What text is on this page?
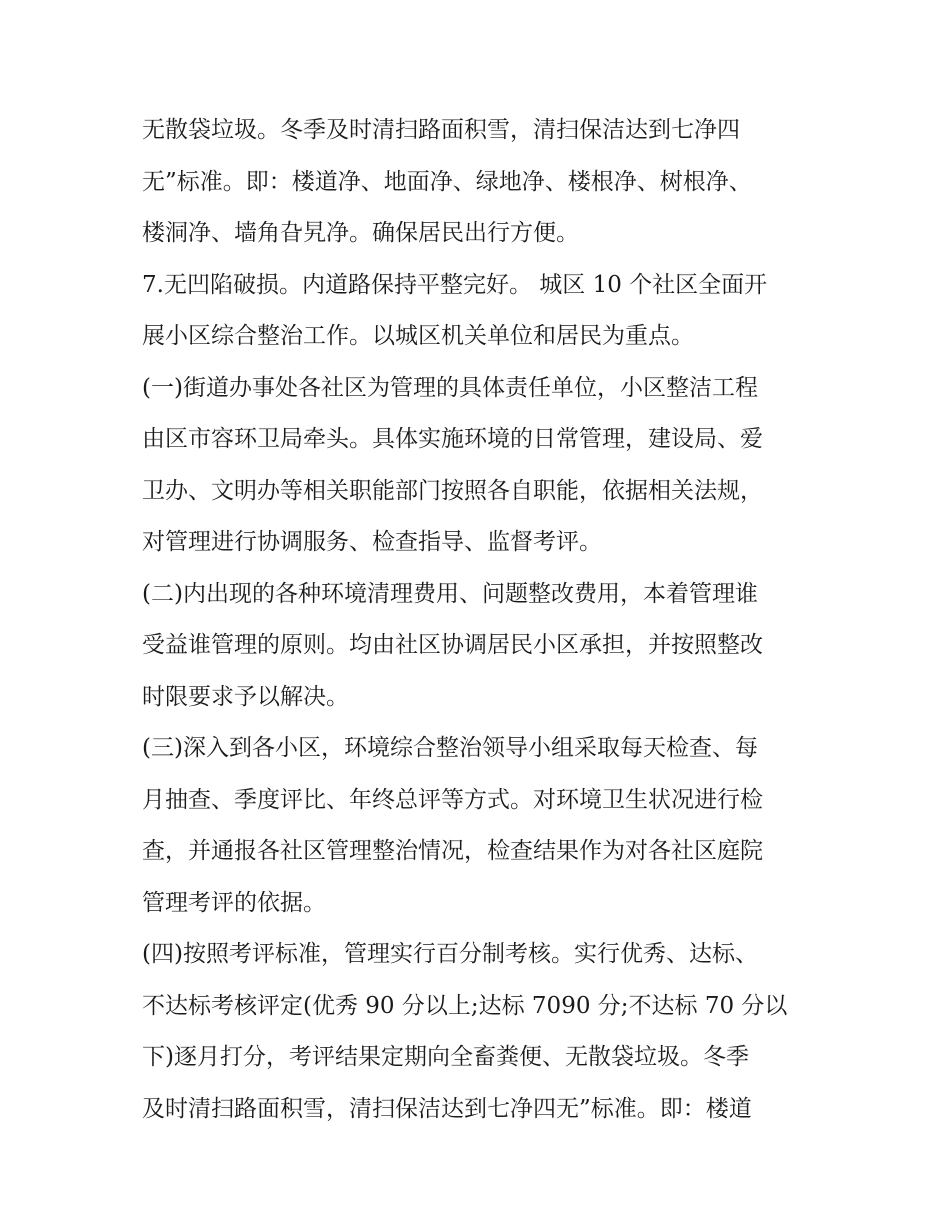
无散袋垃圾。冬季及时清扫路面积雪，清扫保洁达到七净四
无”标准。即：楼道净、地面净、绿地净、楼根净、树根净、
楼洞净、墙角旮旯净。确保居民出行方便。
7.无凹陷破损。内道路保持平整完好。 城区 10 个社区全面开
展小区综合整治工作。以城区机关单位和居民为重点。
(一)街道办事处各社区为管理的具体责任单位，小区整洁工程
由区市容环卫局牵头。具体实施环境的日常管理，建设局、爱
卫办、文明办等相关职能部门按照各自职能，依据相关法规，
对管理进行协调服务、检查指导、监督考评。
(二)内出现的各种环境清理费用、问题整改费用，本着管理谁
受益谁管理的原则。均由社区协调居民小区承担，并按照整改
时限要求予以解决。
(三)深入到各小区，环境综合整治领导小组采取每天检查、每
月抽查、季度评比、年终总评等方式。对环境卫生状况进行检
查，并通报各社区管理整治情况，检查结果作为对各社区庭院
管理考评的依据。
(四)按照考评标准，管理实行百分制考核。实行优秀、达标、
不达标考核评定(优秀 90 分以上;达标 7090 分;不达标 70 分以
下)逐月打分，考评结果定期向全畜粪便、无散袋垃圾。冬季
及时清扫路面积雪，清扫保洁达到七净四无”标准。即：楼道
